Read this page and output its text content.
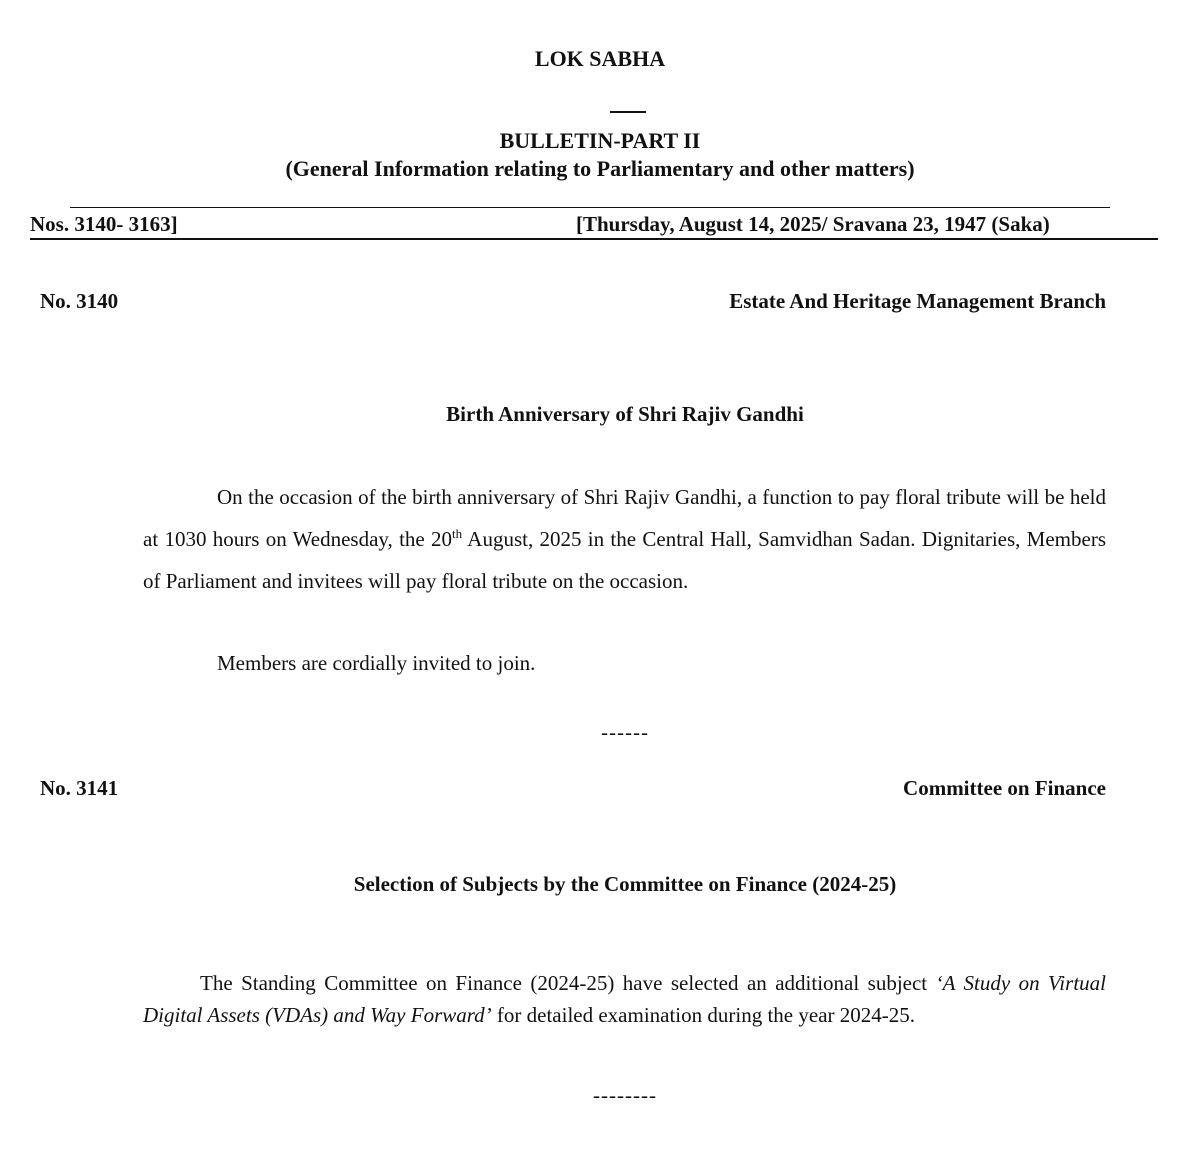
LOK SABHA
BULLETIN-PART II
(General Information relating to Parliamentary and other matters)
Nos. 3140- 3163]	[Thursday, August 14, 2025/ Sravana 23, 1947 (Saka)
No. 3140	Estate And Heritage Management Branch
Birth Anniversary of Shri Rajiv Gandhi
On the occasion of the birth anniversary of Shri Rajiv Gandhi, a function to pay floral tribute will be held at 1030 hours on Wednesday, the 20th August, 2025 in the Central Hall, Samvidhan Sadan. Dignitaries, Members of Parliament and invitees will pay floral tribute on the occasion.
Members are cordially invited to join.
------
No. 3141	Committee on Finance
Selection of Subjects by the Committee on Finance (2024-25)
The Standing Committee on Finance (2024-25) have selected an additional subject ‘A Study on Virtual Digital Assets (VDAs) and Way Forward’ for detailed examination during the year 2024-25.
--------
